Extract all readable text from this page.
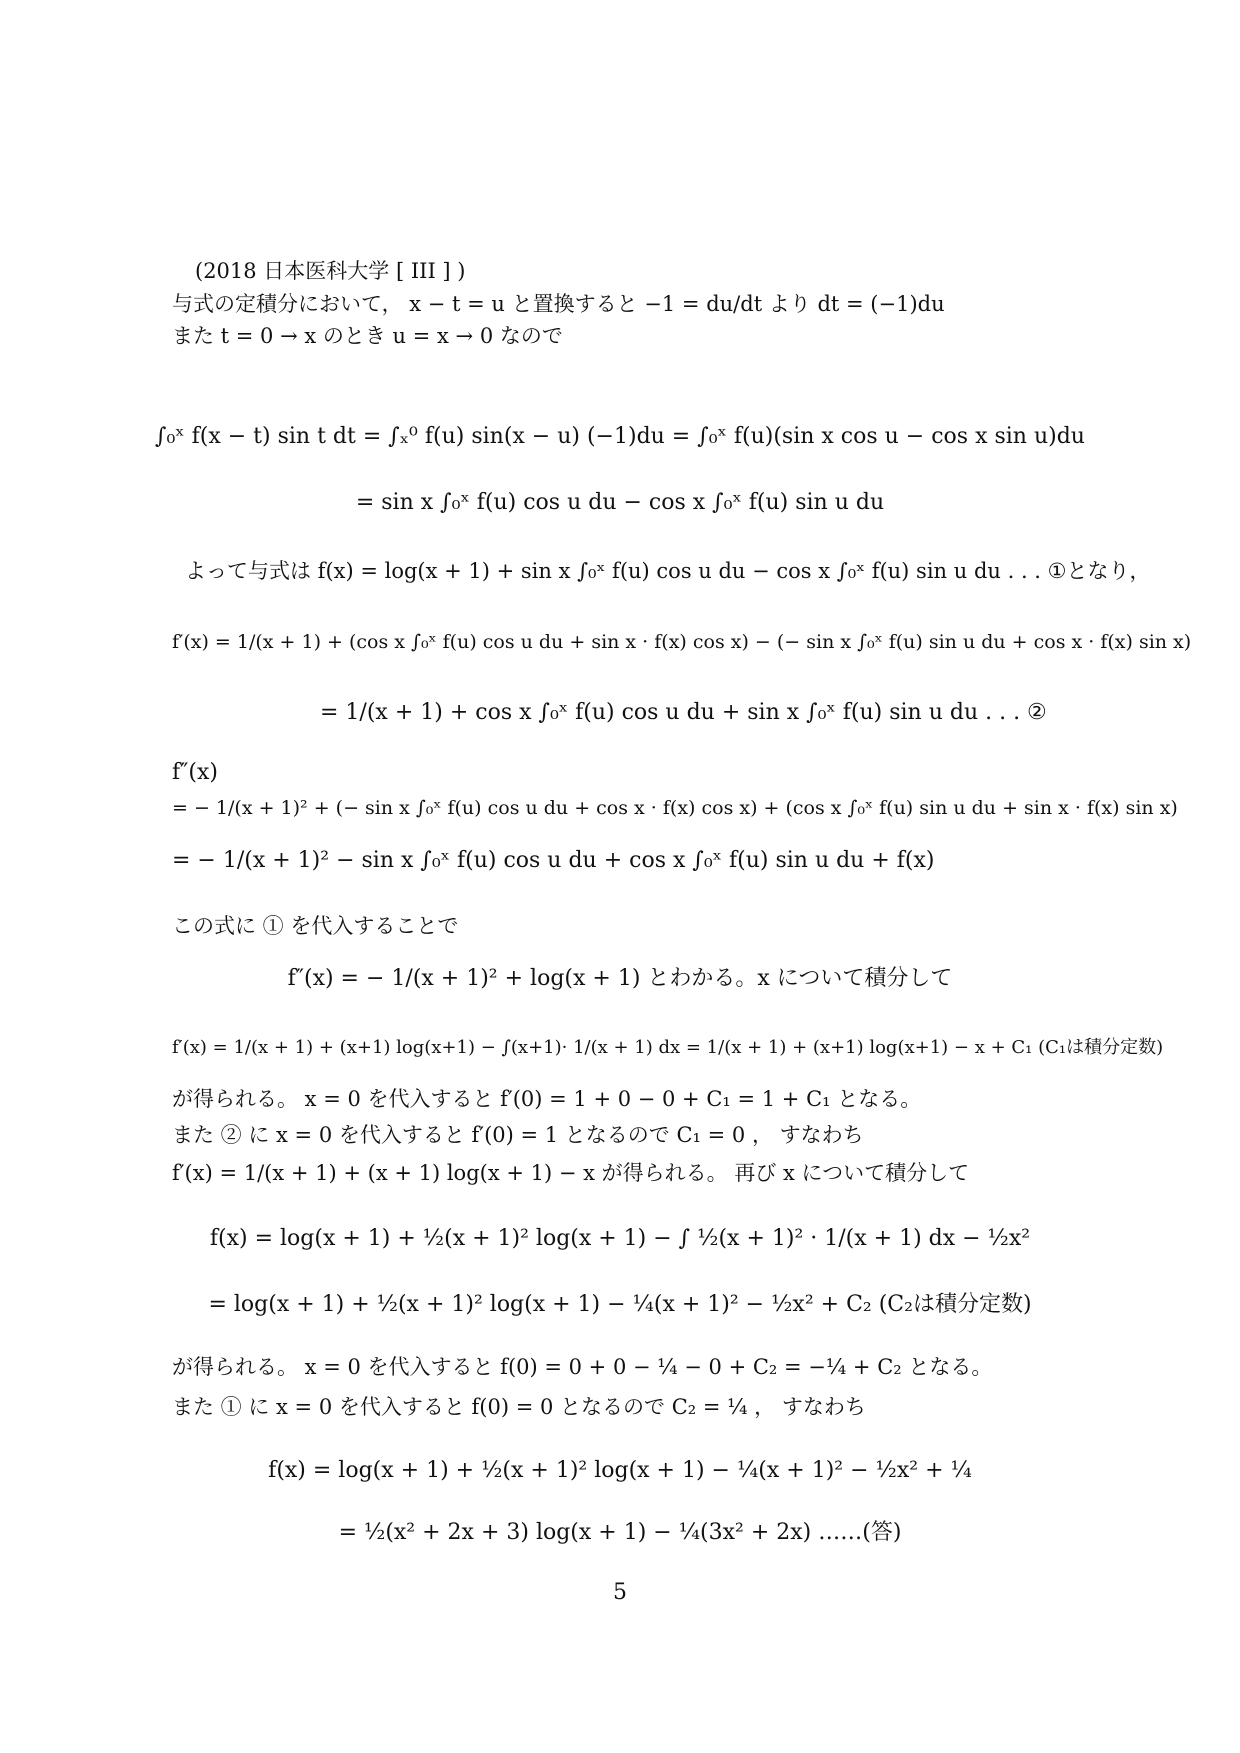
(2018 日本医科大学 [ III ] )
与式の定積分において， x − t = u と置換すると −1 = du/dt より dt = (−1)du
また t = 0 → x のとき u = x → 0 なので
∫₀ˣ f(x − t) sin t dt = ∫ₓ⁰ f(u) sin(x − u) (−1)du = ∫₀ˣ f(u)(sin x cos u − cos x sin u)du
= sin x ∫₀ˣ f(u) cos u du − cos x ∫₀ˣ f(u) sin u du
よって与式は f(x) = log(x + 1) + sin x ∫₀ˣ f(u) cos u du − cos x ∫₀ˣ f(u) sin u du . . . ①となり，
f′(x) = 1/(x + 1) + (cos x ∫₀ˣ f(u) cos u du + sin x · f(x) cos x) − (− sin x ∫₀ˣ f(u) sin u du + cos x · f(x) sin x)
= 1/(x + 1) + cos x ∫₀ˣ f(u) cos u du + sin x ∫₀ˣ f(u) sin u du . . . ②
f″(x)
= − 1/(x + 1)² + (− sin x ∫₀ˣ f(u) cos u du + cos x · f(x) cos x) + (cos x ∫₀ˣ f(u) sin u du + sin x · f(x) sin x)
= − 1/(x + 1)² − sin x ∫₀ˣ f(u) cos u du + cos x ∫₀ˣ f(u) sin u du + f(x)
この式に ① を代入することで
f″(x) = − 1/(x + 1)² + log(x + 1) とわかる。x について積分して
f′(x) = 1/(x + 1) + (x+1) log(x+1) − ∫(x+1)· 1/(x + 1) dx = 1/(x + 1) + (x+1) log(x+1) − x + C₁ (C₁は積分定数)
が得られる。 x = 0 を代入すると f′(0) = 1 + 0 − 0 + C₁ = 1 + C₁ となる。
また ② に x = 0 を代入すると f′(0) = 1 となるので C₁ = 0 ， すなわち
f′(x) = 1/(x + 1) + (x + 1) log(x + 1) − x が得られる。 再び x について積分して
f(x) = log(x + 1) + ½(x + 1)² log(x + 1) − ∫ ½(x + 1)² · 1/(x + 1) dx − ½x²
= log(x + 1) + ½(x + 1)² log(x + 1) − ¼(x + 1)² − ½x² + C₂ (C₂は積分定数)
が得られる。 x = 0 を代入すると f(0) = 0 + 0 − ¼ − 0 + C₂ = −¼ + C₂ となる。
また ① に x = 0 を代入すると f(0) = 0 となるので C₂ = ¼ ， すなわち
f(x) = log(x + 1) + ½(x + 1)² log(x + 1) − ¼(x + 1)² − ½x² + ¼
= ½(x² + 2x + 3) log(x + 1) − ¼(3x² + 2x) ……(答)
5
